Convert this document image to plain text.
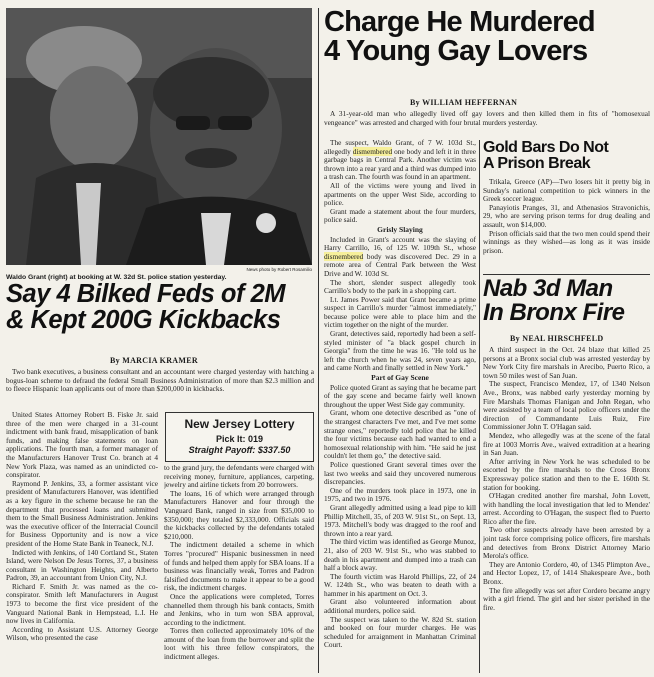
Waldo Grant (right) at booking at W. 32d St. police station yesterday.
News photo by Robert Rosamilio
Say 4 Bilked Feds of 2M
& Kept 200G Kickbacks
By MARCIA KRAMER

Two bank executives, a business consultant and an accountant were charged yesterday with hatching a bogus-loan scheme to defraud the federal Small Business Administration of more than $2.3 million and to fleece Hispanic loan applicants out of more than $200,000 in kickbacks.

United States Attorney Robert B. Fiske Jr. said three of the men were charged in a 31-count indictment with bank fraud, misapplication of bank funds, and making false statements on loan applications. The fourth man, a former manager of the Manufacturers Hanover Trust Co. branch at 4 New York Plaza, was named as an unindicted co-conspirator.

Raymond P. Jenkins, 33, a former assistant vice president of Manufacturers Hanover, was identified as a key figure in the scheme because he ran the department that processed loans and submitted them to the Small Business Administration. Jenkins was the executive officer of the Interracial Council for Business Opportunity and is now a vice president of the Home State Bank in Teaneck, N.J.

Indicted with Jenkins, of 140 Cortland St., Staten Island, were Nelson De Jesus Torres, 37, a business consultant in Washington Heights, and Alberto Padron, 39, an accountant from Union City, N.J.

Richard F. Smith Jr. was named as the co-conspirator. Smith left Manufacturers in August 1973 to become the first vice president of the Vanguard National Bank in Hempstead, L.I. He now lives in California.

According to Assistant U.S. Attorney George Wilson, who presented the case

New Jersey Lottery
Pick It: 019
Straight Payoff: $337.50

to the grand jury, the defendants were charged with receiving money, furniture, appliances, carpeting, jewelry and airline tickets from 20 borrowers.

The loans, 16 of which were arranged through Manufacturers Hanover and four through the Vanguard Bank, ranged in size from $35,000 to $350,000; they totaled $2,333,000. Officials said the kickbacks collected by the defendants totaled $210,000.

The indictment detailed a scheme in which Torres "procured" Hispanic businessmen in need of funds and helped them apply for SBA loans. If a business was financially weak, Torres and Padron falsified documents to make it appear to be a good risk, the indictment charges.

Once the applications were completed, Torres channelled them through his bank contacts, Smith and Jenkins, who in turn won SBA approval, according to the indictment.

Torres then collected approximately 10% of the amount of the loan from the borrower and split the loot with his three fellow conspirators, the indictment alleges.

Charge He Murdered
4 Young Gay Lovers
By WILLIAM HEFFERNAN

A 31-year-old man who allegedly lived off gay lovers and then killed them in fits of "homosexual vengeance" was arrested and charged with four brutal murders yesterday.

The suspect, Waldo Grant, of 7 W. 103d St., allegedly dismembered one body and left it in three garbage bags in Central Park. Another victim was thrown into a rear yard and a third was dumped into a trash can. The fourth was found in an apartment.

All of the victims were young and lived in apartments on the upper West Side, according to police.

Grant made a statement about the four murders, police said.

Grisly Slaying

Included in Grant's account was the slaying of Harry Carrillo, 16, of 125 W. 109th St., whose dismembered body was discovered Dec. 29 in a remote area of Central Park between the West Drive and W. 103d St.

The short, slender suspect allegedly took Carrillo's body to the park in a shopping cart.

Lt. James Power said that Grant became a prime suspect in Carrillo's murder "almost immediately," because police were able to place him and the victim together on the night of the murder.

Grant, detectives said, reportedly had been a self-styled minister of "a black gospel church in Georgia" from the time he was 16. "He told us he left the church when he was 24, seven years ago, and came North and finally settled in New York."

Part of Gay Scene

Police quoted Grant as saying that he became part of the gay scene and became fairly well known throughout the upper West Side gay community.

Grant, whom one detective described as "one of the strangest characters I've met, and I've met some strange ones," reportedly told police that he killed the four victims because each had wanted to end a homosexual relationship with him. "He said he just couldn't let them go," the detective said.

Police questioned Grant several times over the last two weeks and said they uncovered numerous discrepancies.

One of the murders took place in 1973, one in 1975, and two in 1976.

Grant allegedly admitted using a lead pipe to kill Phillip Mitchell, 35, of 203 W. 91st St., on Sept. 13, 1973. Mitchell's body was dragged to the roof and thrown into a rear yard.

The third victim was identified as George Munoz, 21, also of 203 W. 91st St., who was stabbed to death in his apartment and dumped into a trash can half a block away.

The fourth victim was Harold Phillips, 22, of 24 W. 124th St., who was beaten to death with a hammer in his apartment on Oct. 3.

Grant also volunteered information about additional murders, police said.

The suspect was taken to the W. 82d St. station and booked on four murder charges. He was scheduled for arraignment in Manhattan Criminal Court.

Gold Bars Do Not
A Prison Break

Trikala, Greece (AP)—Two losers hit it pretty big in Sunday's national competition to pick winners in the Greek soccer league.

Panayiotis Pranges, 31, and Athenasios Stravonichis, 29, who are serving prison terms for drug dealing and assault, won $14,000.

Prison officials said that the two men could spend their winnings as they wished—as long as it was inside prison.

Nab 3d Man
In Bronx Fire
By NEAL HIRSCHFELD

A third suspect in the Oct. 24 blaze that killed 25 persons at a Bronx social club was arrested yesterday by New York City fire marshals in Arecibo, Puerto Rico, a town 50 miles west of San Juan.

The suspect, Francisco Mendez, 17, of 1340 Nelson Ave., Bronx, was nabbed early yesterday morning by Fire Marshals Thomas Flanigan and John Regan, who were assisted by a team of local police officers under the direction of Commandante Luis Ruiz, Fire Commissioner John T. O'Hagan said.

Mendez, who allegedly was at the scene of the fatal fire at 1003 Morris Ave., waived extradition at a hearing in San Juan.

After arriving in New York he was scheduled to be escorted by the fire marshals to the Cross Bronx Expressway police station and then to the E. 160th St. station for booking.

O'Hagan credited another fire marshal, John Lovett, with handling the local investigation that led to Mendez' arrest. According to O'Hagan, the suspect fled to Puerto Rico after the fire.

Two other suspects already have been arrested by a joint task force comprising police officers, fire marshals and detectives from Bronx District Attorney Mario Merola's office.

They are Antonio Cordero, 40, of 1345 Plimpton Ave., and Hector Lopez, 17, of 1414 Shakespeare Ave., both Bronx.

The fire allegedly was set after Cordero became angry with a girl friend. The girl and her sister perished in the fire.
